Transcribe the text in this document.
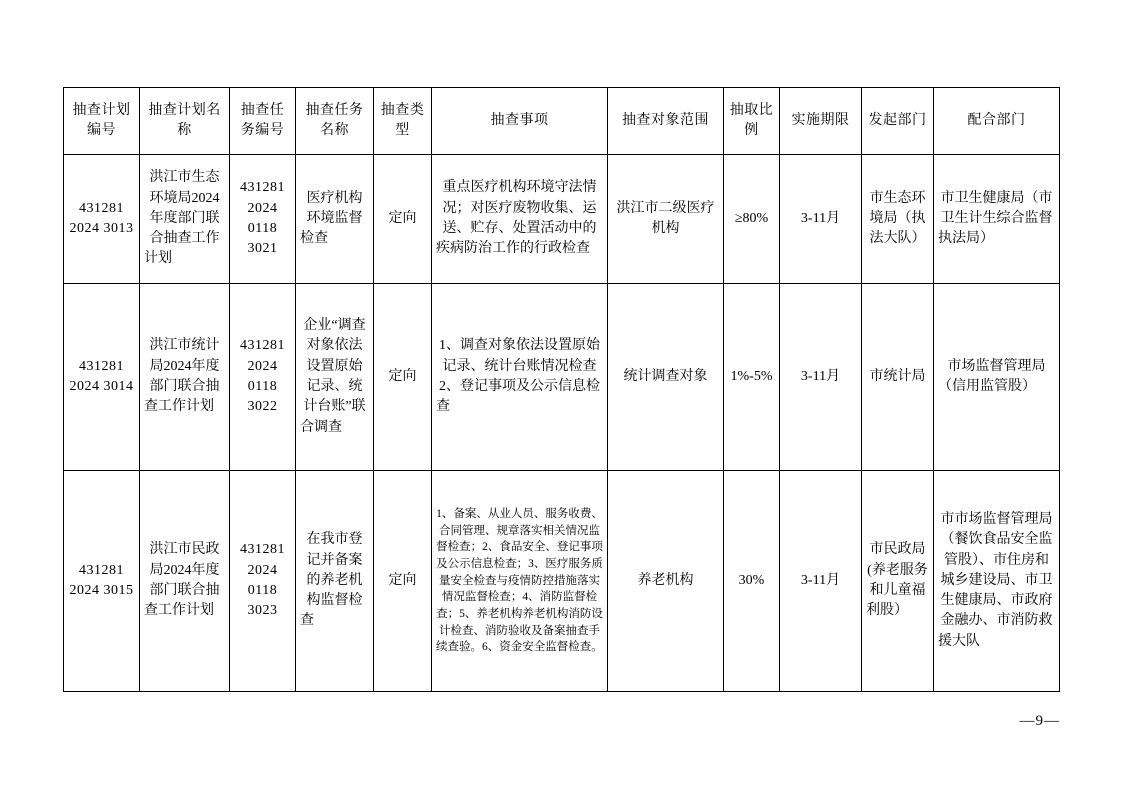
抽查计划编号	抽查计划名称	抽查任务编号	抽查任务名称	抽查类型	抽查事项	抽查对象范围	抽取比例	实施期限	发起部门	配合部门
431281 2024 3013	洪江市生态环境局2024年度部门联合抽查工作计划	431281 2024 0118 3021	医疗机构环境监督检查	定向	重点医疗机构环境守法情况；对医疗废物收集、运送、贮存、处置活动中的疾病防治工作的行政检查	洪江市二级医疗机构	≥80%	3-11月	市生态环境局（执法大队）	市卫生健康局（市卫生计生综合监督执法局）
431281 2024 3014	洪江市统计局2024年度部门联合抽查工作计划	431281 2024 0118 3022	企业“调查对象依法设置原始记录、统计台账”联合调查	定向	1、调查对象依法设置原始记录、统计台账情况检查2、登记事项及公示信息检查	统计调查对象	1%-5%	3-11月	市统计局	市场监督管理局（信用监管股）
431281 2024 3015	洪江市民政局2024年度部门联合抽查工作计划	431281 2024 0118 3023	在我市登记并备案的养老机构监督检查	定向	1、备案、从业人员、服务收费、合同管理、规章落实相关情况监督检查；2、食品安全、登记事项及公示信息检查；3、医疗服务质量安全检查与疫情防控措施落实情况监督检查；4、消防监督检查；5、养老机构养老机构消防设计检查、消防验收及备案抽查手续查验。6、资金安全监督检查。	养老机构	30%	3-11月	市民政局(养老服务和儿童福利股）	市市场监督管理局（餐饮食品安全监管股）、市住房和城乡建设局、市卫生健康局、市政府金融办、市消防救援大队
—9—
